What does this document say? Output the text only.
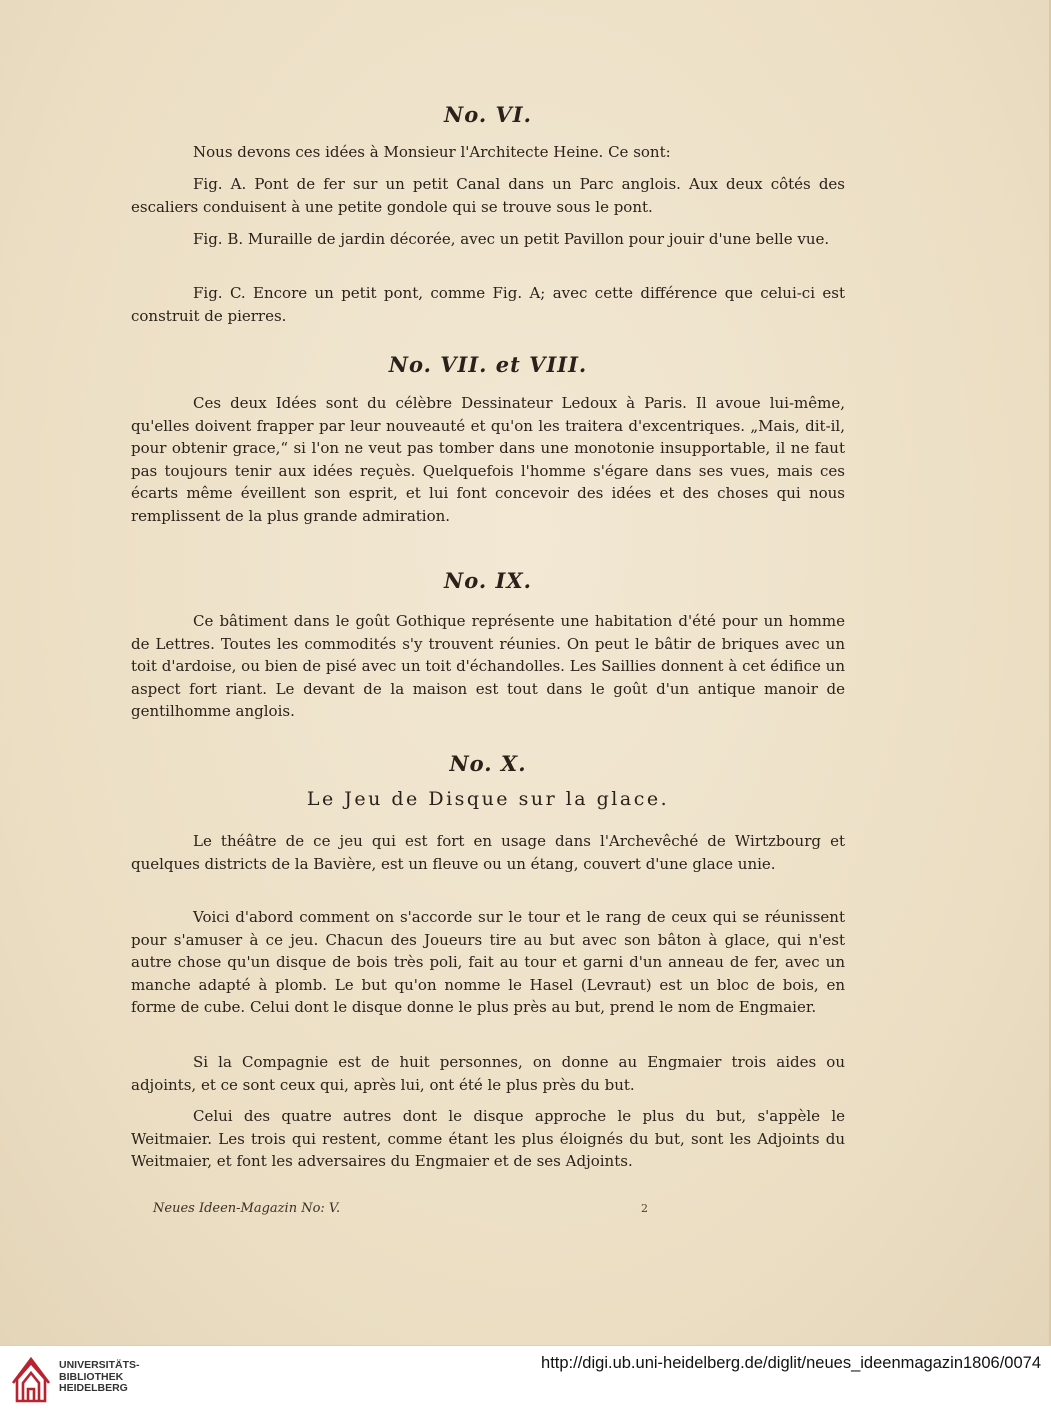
No. VI.

Nous devons ces idées à Monsieur l'Architecte Heine. Ce sont:

Fig. A. Pont de fer sur un petit Canal dans un Parc anglois. Aux deux côtés des escaliers conduisent à une petite gondole qui se trouve sous le pont.

Fig. B. Muraille de jardin décorée, avec un petit Pavillon pour jouir d'une belle vue.

Fig. C. Encore un petit pont, comme Fig. A; avec cette différence que celui-ci est construit de pierres.

No. VII. et VIII.

Ces deux Idées sont du célèbre Dessinateur Ledoux à Paris. Il avoue lui-même, qu'elles doivent frapper par leur nouveauté et qu'on les traitera d'excentriques. „Mais, dit-il, pour obtenir grace,“ si l'on ne veut pas tomber dans une monotonie insupportable, il ne faut pas toujours tenir aux idées reçuès. Quelquefois l'homme s'égare dans ses vues, mais ces écarts même éveillent son esprit, et lui font concevoir des idées et des choses qui nous remplissent de la plus grande admiration.

No. IX.

Ce bâtiment dans le goût Gothique représente une habitation d'été pour un homme de Lettres. Toutes les commodités s'y trouvent réunies. On peut le bâtir de briques avec un toit d'ardoise, ou bien de pisé avec un toit d'échandolles. Les Saillies donnent à cet édifice un aspect fort riant. Le devant de la maison est tout dans le goût d'un antique manoir de gentilhomme anglois.

No. X.
Le Jeu de Disque sur la glace.

Le théâtre de ce jeu qui est fort en usage dans l'Archevêché de Wirtzbourg et quelques districts de la Bavière, est un fleuve ou un étang, couvert d'une glace unie.

Voici d'abord comment on s'accorde sur le tour et le rang de ceux qui se réunissent pour s'amuser à ce jeu. Chacun des Joueurs tire au but avec son bâton à glace, qui n'est autre chose qu'un disque de bois très poli, fait au tour et garni d'un anneau de fer, avec un manche adapté à plomb. Le but qu'on nomme le Hasel (Levraut) est un bloc de bois, en forme de cube. Celui dont le disque donne le plus près au but, prend le nom de Engmaier.

Si la Compagnie est de huit personnes, on donne au Engmaier trois aides ou adjoints, et ce sont ceux qui, après lui, ont été le plus près du but.

Celui des quatre autres dont le disque approche le plus du but, s'appèle le Weitmaier. Les trois qui restent, comme étant les plus éloignés du but, sont les Adjoints du Weitmaier, et font les adversaires du Engmaier et de ses Adjoints.

Neues Ideen-Magazin No: V.	2
UNIVERSITÄTS-
BIBLIOTHEK
HEIDELBERG
http://digi.ub.uni-heidelberg.de/diglit/neues_ideenmagazin1806/0074
